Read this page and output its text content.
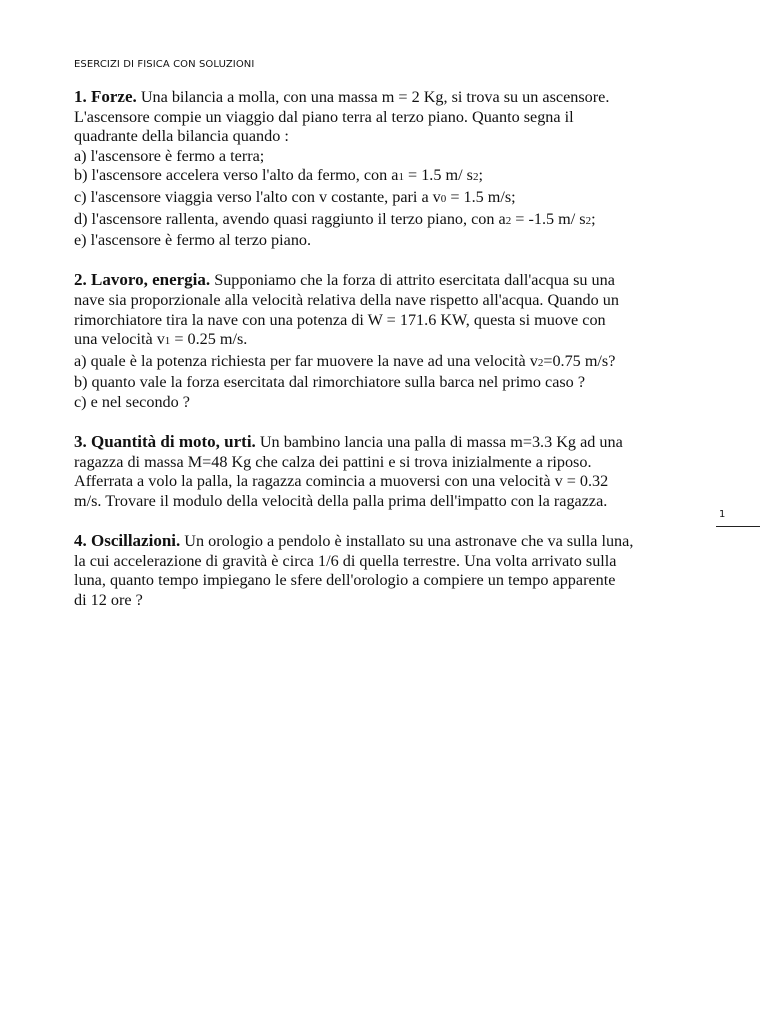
ESERCIZI DI FISICA CON SOLUZIONI

1. Forze. Una bilancia a molla, con una massa m = 2 Kg, si trova su un ascensore.

L'ascensore compie un viaggio dal piano terra al terzo piano. Quanto segna il

quadrante della bilancia quando :

a) l'ascensore è fermo a terra;

b) l'ascensore accelera verso l'alto da fermo, con a1 = 1.5 m/ s2;

c) l'ascensore viaggia verso l'alto con v costante, pari a v0 = 1.5 m/s;

d) l'ascensore rallenta, avendo quasi raggiunto il terzo piano, con a2 = -1.5 m/ s2;

e) l'ascensore è fermo al terzo piano.

2. Lavoro, energia. Supponiamo che la forza di attrito esercitata dall'acqua su una

nave sia proporzionale alla velocità relativa della nave rispetto all'acqua. Quando un

rimorchiatore tira la nave con una potenza di W = 171.6 KW, questa si muove con

una velocità v1 = 0.25 m/s.

a) quale è la potenza richiesta per far muovere la nave ad una velocità v2=0.75 m/s?

b) quanto vale la forza esercitata dal rimorchiatore sulla barca nel primo caso ?

c) e nel secondo ?

3. Quantità di moto, urti. Un bambino lancia una palla di massa m=3.3 Kg ad una

ragazza di massa M=48 Kg che calza dei pattini e si trova inizialmente a riposo.

Afferrata a volo la palla, la ragazza comincia a muoversi con una velocità v = 0.32

m/s. Trovare il modulo della velocità della palla prima dell'impatto con la ragazza.

4. Oscillazioni. Un orologio a pendolo è installato su una astronave che va sulla luna,

la cui accelerazione di gravità è circa 1/6 di quella terrestre. Una volta arrivato sulla

luna, quanto tempo impiegano le sfere dell'orologio a compiere un tempo apparente

di 12 ore ?

1
